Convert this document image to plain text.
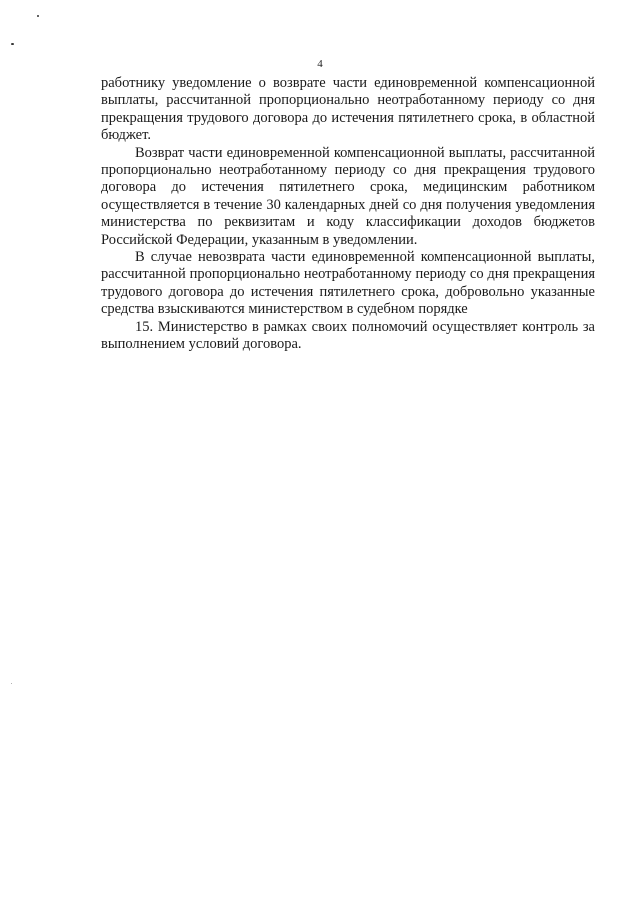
4

работнику уведомление о возврате части единовременной компенсационной выплаты, рассчитанной пропорционально неотработанному периоду со дня прекращения трудового договора до истечения пятилетнего срока, в областной бюджет.

Возврат части единовременной компенсационной выплаты, рассчитанной пропорционально неотработанному периоду со дня прекращения трудового договора до истечения пятилетнего срока, медицинским работником осуществляется в течение 30 календарных дней со дня получения уведомления министерства по реквизитам и коду классификации доходов бюджетов Российской Федерации, указанным в уведомлении.

В случае невозврата части единовременной компенсационной выплаты, рассчитанной пропорционально неотработанному периоду со дня прекращения трудового договора до истечения пятилетнего срока, добровольно указанные средства взыскиваются министерством в судебном порядке

15. Министерство в рамках своих полномочий осуществляет контроль за выполнением условий договора.
